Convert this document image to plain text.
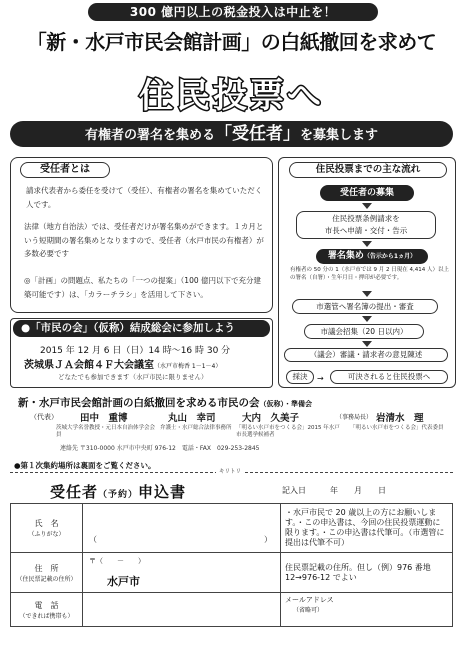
300 億円以上の税金投入は中止を！
「新・水戸市民会館計画」の白紙撤回を求めて
住民投票へ
有権者の署名を集める「受任者」を募集します
受任者とは
請求代表者から委任を受けて（受任）、有権者の署名を集めていただく人です。
法律（地方自治法）では、受任者だけが署名集めができます。１カ月という短期間の署名集めとなりますので、受任者（水戸市民の有権者）が多数必要です
◎「計画」の問題点、私たちの「一つの提案」（100 億円以下で充分建築可能です）は、「カラーチラシ」を活用して下さい。
●「市民の会」（仮称）結成総会に参加しよう
2015 年 12 月 6 日（日）14 時～16 時 30 分
茨城県ＪＡ会館４Ｆ大会議室（水戸市梅香 1－1－4）
どなたでも参加できます（水戸市民に限りません）
住民投票までの主な流れ
受任者の募集
住民投票条例請求を
市長へ申請・交付・告示
署名集め（告示から1ヵ月）
有権者の 50 分の 1（水戸市では 9 月 2 日現在 4,414 人）以上の署名（自署）・生年月日・押印が必要です。
市選管へ署名簿の提出・審査
市議会招集（20 日以内）
（議会）審議・請求者の意見陳述
採決	→	可決されると住民投票へ
新・水戸市民会館計画の白紙撤回を求める市民の会（仮称）・準備会
（代表） 田中　重博	丸山　幸司	大内　久美子	（事務局長） 岩清水　理
茨城大学名誉教授・元日本自治体学会会員
弁護士・水戸総合法律事務所 「明るい水戸市をつくる会」2015 年水戸市長選挙候補者
「明るい水戸市をつくる会」代表委員
連絡先 〒310-0000 水戸市中央町 976-12　電話・FAX　029-253-2845
●第１次集約場所は裏面をご覧ください。
キリトリ
受任者（予約）申込書	記入日　　　年　　月　　日
氏　名
（ふりがな）	（ ）	・水戸市民で 20 歳以上の方にお願いします。・この申込書は、今回の住民投票運動に限ります。・この申込書は代筆可。（市選管に提出は代筆不可）
住　所
（住民票記載の住所）	〒（　　－　　）
水戸市	住民票記載の住所。但し（例）976 番地 12→976-12 でよい
電　話
（できれば携帯も）		メールアドレス
（省略可）
